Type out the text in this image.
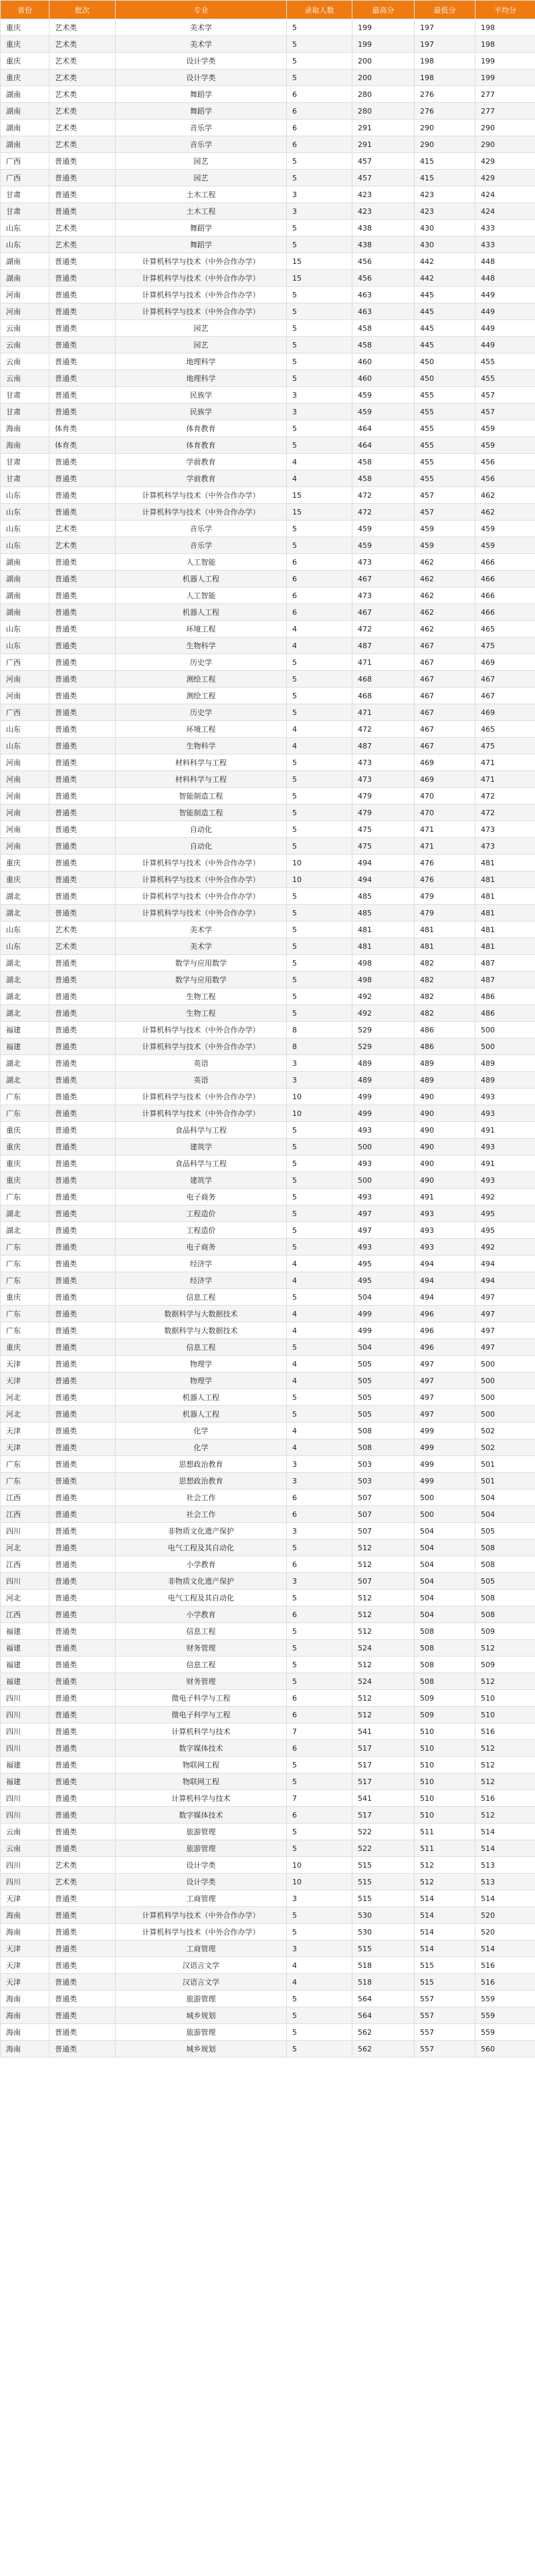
省份	批次	专业	录取人数	最高分	最低分	平均分
重庆	艺术类	美术学	5	199	197	198
重庆	艺术类	美术学	5	199	197	198
重庆	艺术类	设计学类	5	200	198	199
重庆	艺术类	设计学类	5	200	198	199
湖南	艺术类	舞蹈学	6	280	276	277
湖南	艺术类	舞蹈学	6	280	276	277
湖南	艺术类	音乐学	6	291	290	290
湖南	艺术类	音乐学	6	291	290	290
广西	普通类	园艺	5	457	415	429
广西	普通类	园艺	5	457	415	429
甘肃	普通类	土木工程	3	423	423	424
甘肃	普通类	土木工程	3	423	423	424
山东	艺术类	舞蹈学	5	438	430	433
山东	艺术类	舞蹈学	5	438	430	433
湖南	普通类	计算机科学与技术（中外合作办学）	15	456	442	448
湖南	普通类	计算机科学与技术（中外合作办学）	15	456	442	448
河南	普通类	计算机科学与技术（中外合作办学）	5	463	445	449
河南	普通类	计算机科学与技术（中外合作办学）	5	463	445	449
云南	普通类	园艺	5	458	445	449
云南	普通类	园艺	5	458	445	449
云南	普通类	地理科学	5	460	450	455
云南	普通类	地理科学	5	460	450	455
甘肃	普通类	民族学	3	459	455	457
甘肃	普通类	民族学	3	459	455	457
海南	体育类	体育教育	5	464	455	459
海南	体育类	体育教育	5	464	455	459
甘肃	普通类	学前教育	4	458	455	456
甘肃	普通类	学前教育	4	458	455	456
山东	普通类	计算机科学与技术（中外合作办学）	15	472	457	462
山东	普通类	计算机科学与技术（中外合作办学）	15	472	457	462
山东	艺术类	音乐学	5	459	459	459
山东	艺术类	音乐学	5	459	459	459
湖南	普通类	人工智能	6	473	462	466
湖南	普通类	机器人工程	6	467	462	466
湖南	普通类	人工智能	6	473	462	466
湖南	普通类	机器人工程	6	467	462	466
山东	普通类	环境工程	4	472	462	465
山东	普通类	生物科学	4	487	467	475
广西	普通类	历史学	5	471	467	469
河南	普通类	测绘工程	5	468	467	467
河南	普通类	测绘工程	5	468	467	467
广西	普通类	历史学	5	471	467	469
山东	普通类	环境工程	4	472	467	465
山东	普通类	生物科学	4	487	467	475
河南	普通类	材料科学与工程	5	473	469	471
河南	普通类	材料科学与工程	5	473	469	471
河南	普通类	智能制造工程	5	479	470	472
河南	普通类	智能制造工程	5	479	470	472
河南	普通类	自动化	5	475	471	473
河南	普通类	自动化	5	475	471	473
重庆	普通类	计算机科学与技术（中外合作办学）	10	494	476	481
重庆	普通类	计算机科学与技术（中外合作办学）	10	494	476	481
湖北	普通类	计算机科学与技术（中外合作办学）	5	485	479	481
湖北	普通类	计算机科学与技术（中外合作办学）	5	485	479	481
山东	艺术类	美术学	5	481	481	481
山东	艺术类	美术学	5	481	481	481
湖北	普通类	数学与应用数学	5	498	482	487
湖北	普通类	数学与应用数学	5	498	482	487
湖北	普通类	生物工程	5	492	482	486
湖北	普通类	生物工程	5	492	482	486
福建	普通类	计算机科学与技术（中外合作办学）	8	529	486	500
福建	普通类	计算机科学与技术（中外合作办学）	8	529	486	500
湖北	普通类	英语	3	489	489	489
湖北	普通类	英语	3	489	489	489
广东	普通类	计算机科学与技术（中外合作办学）	10	499	490	493
广东	普通类	计算机科学与技术（中外合作办学）	10	499	490	493
重庆	普通类	食品科学与工程	5	493	490	491
重庆	普通类	建筑学	5	500	490	493
重庆	普通类	食品科学与工程	5	493	490	491
重庆	普通类	建筑学	5	500	490	493
广东	普通类	电子商务	5	493	491	492
湖北	普通类	工程造价	5	497	493	495
湖北	普通类	工程造价	5	497	493	495
广东	普通类	电子商务	5	493	493	492
广东	普通类	经济学	4	495	494	494
广东	普通类	经济学	4	495	494	494
重庆	普通类	信息工程	5	504	494	497
广东	普通类	数据科学与大数据技术	4	499	496	497
广东	普通类	数据科学与大数据技术	4	499	496	497
重庆	普通类	信息工程	5	504	496	497
天津	普通类	物理学	4	505	497	500
天津	普通类	物理学	4	505	497	500
河北	普通类	机器人工程	5	505	497	500
河北	普通类	机器人工程	5	505	497	500
天津	普通类	化学	4	508	499	502
天津	普通类	化学	4	508	499	502
广东	普通类	思想政治教育	3	503	499	501
广东	普通类	思想政治教育	3	503	499	501
江西	普通类	社会工作	6	507	500	504
江西	普通类	社会工作	6	507	500	504
四川	普通类	非物质文化遗产保护	3	507	504	505
河北	普通类	电气工程及其自动化	5	512	504	508
江西	普通类	小学教育	6	512	504	508
四川	普通类	非物质文化遗产保护	3	507	504	505
河北	普通类	电气工程及其自动化	5	512	504	508
江西	普通类	小学教育	6	512	504	508
福建	普通类	信息工程	5	512	508	509
福建	普通类	财务管理	5	524	508	512
福建	普通类	信息工程	5	512	508	509
福建	普通类	财务管理	5	524	508	512
四川	普通类	微电子科学与工程	6	512	509	510
四川	普通类	微电子科学与工程	6	512	509	510
四川	普通类	计算机科学与技术	7	541	510	516
四川	普通类	数字媒体技术	6	517	510	512
福建	普通类	物联网工程	5	517	510	512
福建	普通类	物联网工程	5	517	510	512
四川	普通类	计算机科学与技术	7	541	510	516
四川	普通类	数字媒体技术	6	517	510	512
云南	普通类	旅游管理	5	522	511	514
云南	普通类	旅游管理	5	522	511	514
四川	艺术类	设计学类	10	515	512	513
四川	艺术类	设计学类	10	515	512	513
天津	普通类	工商管理	3	515	514	514
海南	普通类	计算机科学与技术（中外合作办学）	5	530	514	520
海南	普通类	计算机科学与技术（中外合作办学）	5	530	514	520
天津	普通类	工商管理	3	515	514	514
天津	普通类	汉语言文学	4	518	515	516
天津	普通类	汉语言文学	4	518	515	516
海南	普通类	旅游管理	5	564	557	559
海南	普通类	城乡规划	5	564	557	559
海南	普通类	旅游管理	5	562	557	559
海南	普通类	城乡规划	5	562	557	560
